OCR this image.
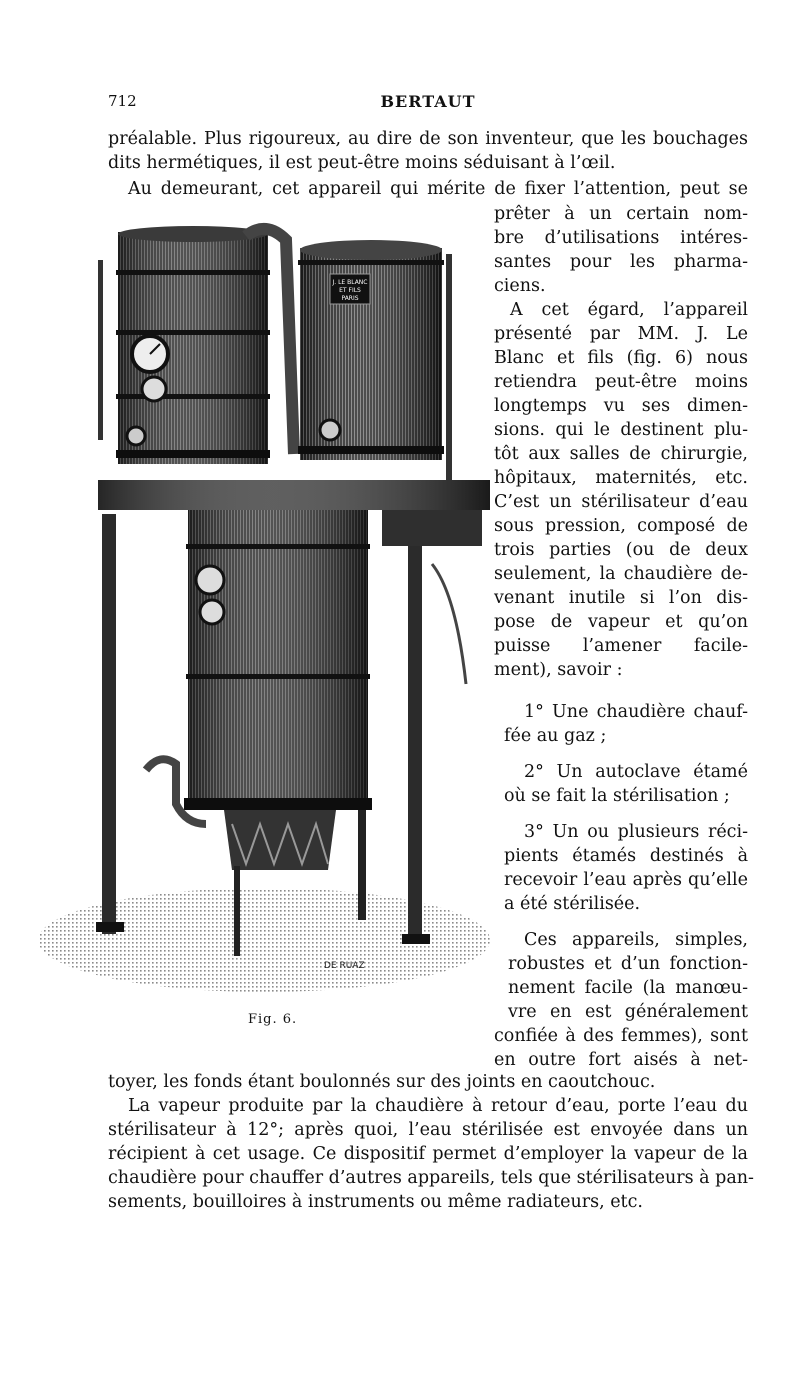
712	BERTAUT
préalable. Plus rigoureux, au dire de son inventeur, que les bouchages
dits hermétiques, il est peut-être moins séduisant à l’œil.
Au demeurant, cet appareil qui mérite de fixer l’attention, peut se
prêter à un certain nom-
bre d’utilisations intéres-
santes pour les pharma-
ciens.
A cet égard, l’appareil
présenté par MM. J. Le
Blanc et fils (fig. 6) nous
retiendra peut-être moins
longtemps vu ses dimen-
sions. qui le destinent plu-
tôt aux salles de chirurgie,
hôpitaux, maternités, etc.
C’est un stérilisateur d’eau
sous pression, composé de
trois parties (ou de deux
seulement, la chaudière de-
venant inutile si l’on dis-
pose de vapeur et qu’on
puisse l’amener facile-
ment), savoir :
1° Une chaudière chauf-
fée au gaz ;
2° Un autoclave étamé
où se fait la stérilisation ;
3° Un ou plusieurs réci-
pients étamés destinés à
recevoir l’eau après qu’elle
a été stérilisée.
Ces appareils, simples,
robustes et d’un fonction-
nement facile (la manœu-
vre en est généralement
confiée à des femmes), sont
en outre fort aisés à net-
toyer, les fonds étant boulonnés sur des joints en caoutchouc.
La vapeur produite par la chaudière à retour d’eau, porte l’eau du
stérilisateur à 12°; après quoi, l’eau stérilisée est envoyée dans un
récipient à cet usage. Ce dispositif permet d’employer la vapeur de la
chaudière pour chauffer d’autres appareils, tels que stérilisateurs à pan-
sements, bouilloires à instruments ou même radiateurs, etc.
J. LE BLANC
ET FILS
PARIS
DE RUAZ
Fig. 6.
